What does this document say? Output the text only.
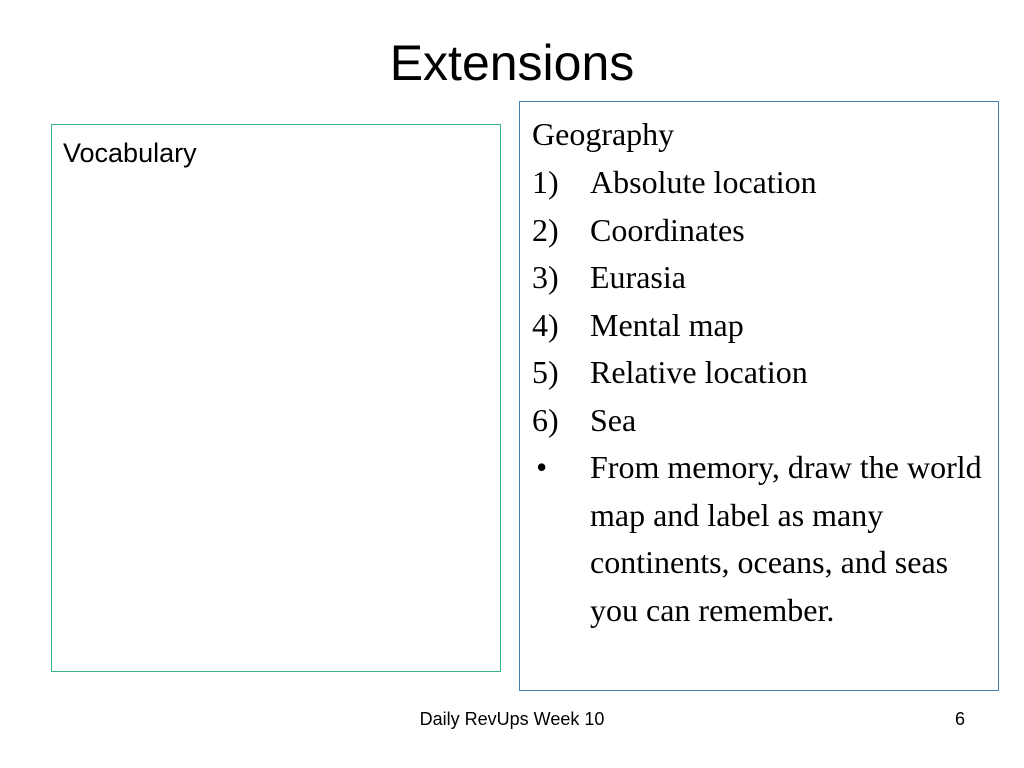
Extensions
Vocabulary
Geography
1) Absolute location
2) Coordinates
3) Eurasia
4) Mental map
5) Relative location
6) Sea
•	From memory, draw the world map and label as many continents, oceans, and seas you can remember.
Daily RevUps Week 10	6
